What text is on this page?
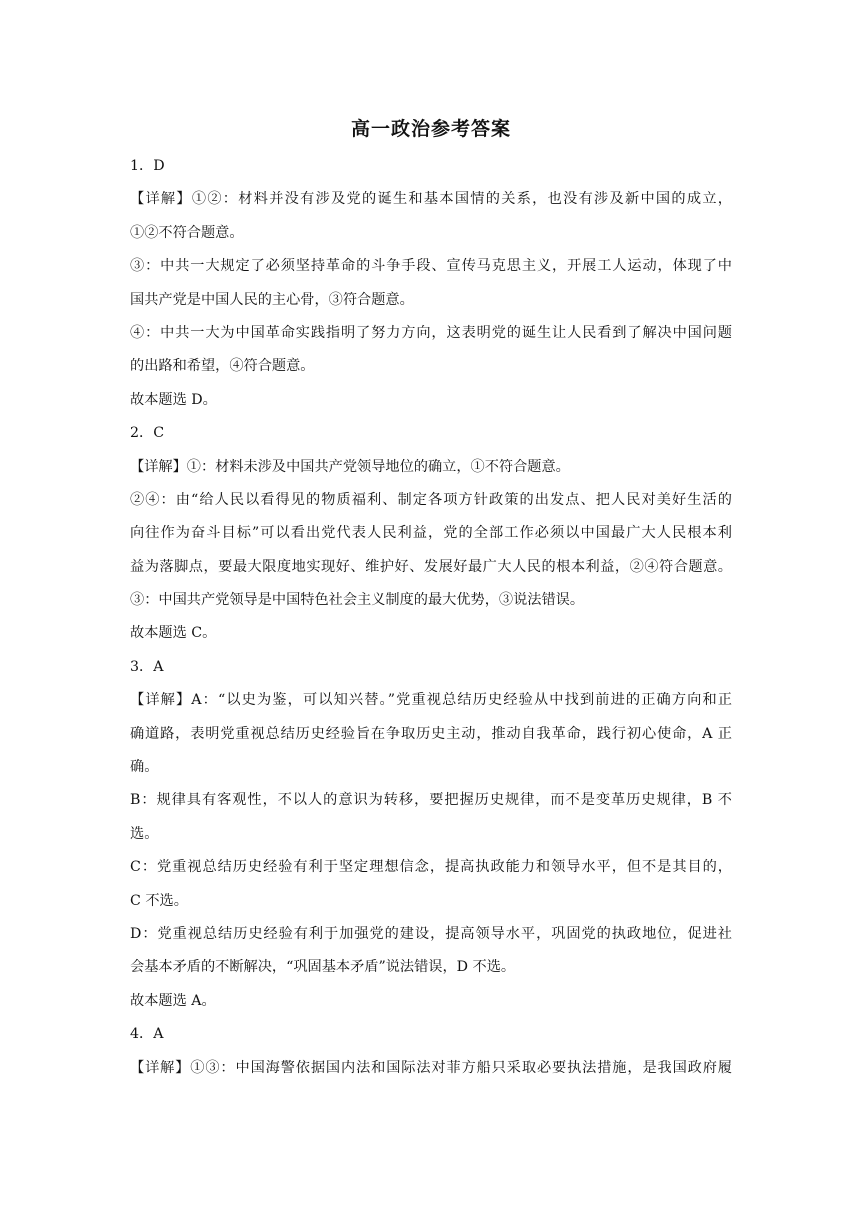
高一政治参考答案
1．D
【详解】①②：材料并没有涉及党的诞生和基本国情的关系，也没有涉及新中国的成立，
①②不符合题意。
③：中共一大规定了必须坚持革命的斗争手段、宣传马克思主义，开展工人运动，体现了中
国共产党是中国人民的主心骨，③符合题意。
④：中共一大为中国革命实践指明了努力方向，这表明党的诞生让人民看到了解决中国问题
的出路和希望，④符合题意。
故本题选 D。
2．C
【详解】①：材料未涉及中国共产党领导地位的确立，①不符合题意。
②④：由“给人民以看得见的物质福利、制定各项方针政策的出发点、把人民对美好生活的
向往作为奋斗目标”可以看出党代表人民利益，党的全部工作必须以中国最广大人民根本利
益为落脚点，要最大限度地实现好、维护好、发展好最广大人民的根本利益，②④符合题意。
③：中国共产党领导是中国特色社会主义制度的最大优势，③说法错误。
故本题选 C。
3．A
【详解】A：“以史为鉴，可以知兴替。”党重视总结历史经验从中找到前进的正确方向和正
确道路，表明党重视总结历史经验旨在争取历史主动，推动自我革命，践行初心使命，A 正
确。
B：规律具有客观性，不以人的意识为转移，要把握历史规律，而不是变革历史规律，B 不
选。
C：党重视总结历史经验有利于坚定理想信念，提高执政能力和领导水平，但不是其目的，
C 不选。
D：党重视总结历史经验有利于加强党的建设，提高领导水平，巩固党的执政地位，促进社
会基本矛盾的不断解决，“巩固基本矛盾”说法错误，D 不选。
故本题选 A。
4．A
【详解】①③：中国海警依据国内法和国际法对菲方船只采取必要执法措施，是我国政府履
